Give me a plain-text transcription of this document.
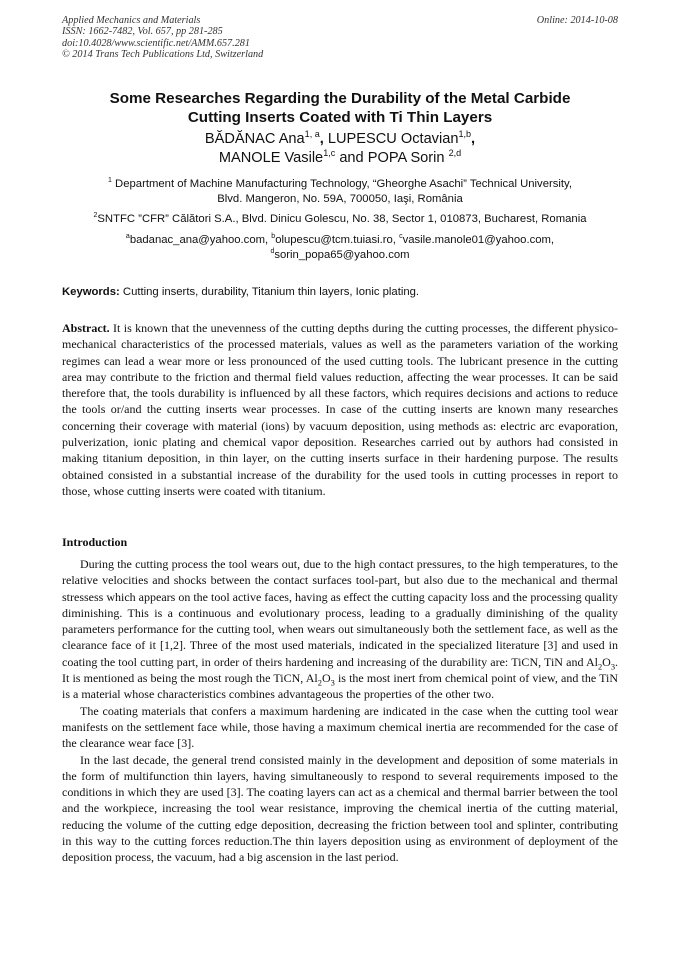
Applied Mechanics and Materials
ISSN: 1662-7482, Vol. 657, pp 281-285
doi:10.4028/www.scientific.net/AMM.657.281
© 2014 Trans Tech Publications Ltd, Switzerland
Online: 2014-10-08
Some Researches Regarding the Durability of the Metal Carbide
Cutting Inserts Coated with Ti Thin Layers
BĂDĂNAC Ana$^{1, a}$, LUPESCU Octavian$^{1,b}$,
MANOLE Vasile$^{1,c}$ and POPA Sorin $^{2,d}$
$^1$ Department of Machine Manufacturing Technology, “Gheorghe Asachi” Technical University,
Blvd. Mangeron, No. 59A, 700050, Iaşi, România
$^2$SNTFC ”CFR” Călători S.A., Blvd. Dinicu Golescu, No. 38, Sector 1, 010873, Bucharest, Romania
$^a$badanac_ana@yahoo.com, $^b$olupescu@tcm.tuiasi.ro, $^c$vasile.manole01@yahoo.com,
$^d$sorin_popa65@yahoo.com
Keywords: Cutting inserts, durability, Titanium thin layers, Ionic plating.
Abstract. It is known that the unevenness of the cutting depths during the cutting processes, the different physico-mechanical characteristics of the processed materials, values as well as the parameters variation of the working regimes can lead a wear more or less pronounced of the used cutting tools. The lubricant presence in the cutting area may contribute to the friction and thermal field values reduction, affecting the wear processes. It can be said therefore that, the tools durability is influenced by all these factors, which requires decisions and actions to reduce the tools or/and the cutting inserts wear processes. In case of the cutting inserts are known many researches concerning their coverage with material (ions) by vacuum deposition, using methods as: electric arc evaporation, pulverization, ionic plating and chemical vapor deposition. Researches carried out by authors had consisted in making titanium deposition, in thin layer, on the cutting inserts surface in their hardening purpose. The results obtained consisted in a substantial increase of the durability for the used tools in cutting processes in report to those, whose cutting inserts were coated with titanium.
Introduction

During the cutting process the tool wears out, due to the high contact pressures, to the high temperatures, to the relative velocities and shocks between the contact surfaces tool-part, but also due to the mechanical and thermal stressess which appears on the tool active faces, having as effect the cutting capacity loss and the processing quality diminishing. This is a continuous and evolutionary process, leading to a gradually diminishing of the quality parameters performance for the cutting tool, when wears out simultaneously both the settlement face, as well as the clearance face of it [1,2]. Three of the most used materials, indicated in the specialized literature [3] and used in coating the tool cutting part, in order of theirs hardening and increasing of the durability are: TiCN, TiN and $Al_2O_3$. It is mentioned as being the most rough the TiCN, $Al_2O_3$ is the most inert from chemical point of view, and the TiN is a material whose characteristics combines advantageous the properties of the other two.

The coating materials that confers a maximum hardening are indicated in the case when the cutting tool wear manifests on the settlement face while, those having a maximum chemical inertia are recommended for the case of the clearance wear face [3].

In the last decade, the general trend consisted mainly in the development and deposition of some materials in the form of multifunction thin layers, having simultaneously to respond to several requirements imposed to the conditions in which they are used [3]. The coating layers can act as a chemical and thermal barrier between the tool and the workpiece, increasing the tool wear resistance, improving the chemical inertia of the cutting material, reducing the volume of the cutting edge deposition, decreasing the friction between tool and splinter, contributing in this way to the cutting forces reduction.The thin layers deposition using as environment of deployment of the deposition process, the vacuum, had a big ascension in the last period.
